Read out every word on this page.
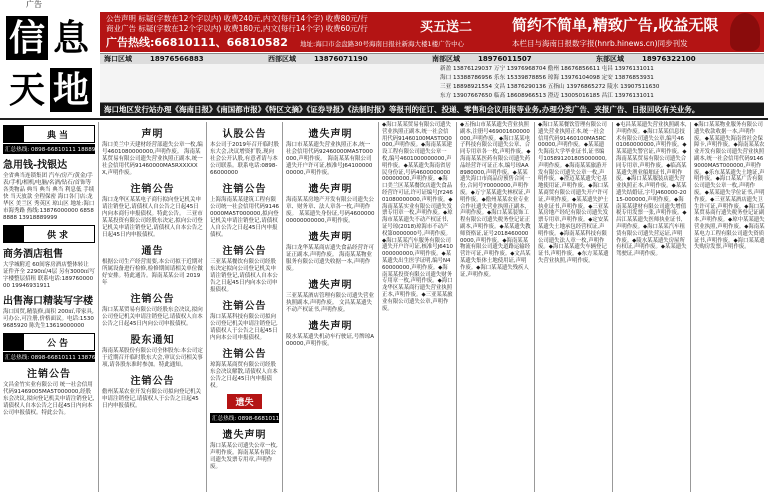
广告
信 息
天 地
公告声明 标疑(字数在12个字以内) 收费240元,内文(每行14个字) 收费80元/行
商业广告 标疑(字数在12个字以内) 收费180元,内文(每行14个字) 收费60元/行
广告热线:66810111、66810582 地址:海口市金盘路30号海南日报社新海大楼1楼广告中心
买五送二	简约不简单,精致广告,收益无限
本栏目与海南日报数字报(hnrb.hinews.cn)同步刊发
海口区域	18976566883	西部区域	13876071190	南部区域	18976011507	东部区域	18976322100
新盈 13876129037 万宁 13976968704 儋州 18676856611 屯昌 13976131011
海口 13388786956 乐东 15339878856 琼海 13976104098 定安 13876853931
三亚 18898921554 文昌 13876290136 五指山 13976865272 陵水 13907511630
东方 13907667650 临高 18608966513 澄迈 13005016185 昌江 13976131011
海口地区发行站办理《海南日报》《南国都市报》《特区文摘》《证券导报》《法制时报》等报刊的征订、投递、零售和会议用报等业务,办理分类广告、夹报广告、日报回收有关业务。
典当
汇总热线: 0898-66810111 18889912934
急用钱-找银达
全省典当连锁集团 汽车/房产/黄金/手表/手机/相机/电脑/名酒/钻石/首饰等各类物品 典当 典当 典当 利息低 手续快 当天放款 全程保密 海口各门店:龙华区 美兰区 秀英区 琼山区 地址:海口市海秀路 热线:13876000000 68588888 13918889999
供求
商务酒店租售
大学城附近 60间客房酒店整体转让 证件齐全 2290㎡/4层 另有3000㎡写字楼整层招租 联系电话:18976000000 19946931911
出售海口精装写字楼
海口国贸,精装修,面积 200㎡,带家具,可办公,可注册,价格面议。电话:15309685920 陈先生13619000000
公告
汇总热线: 0898-66810111 13876309861
注销公告
文昌金竹实业有限公司 统一社会信用代码91469005MA5T000000,经股东会决议,拟向登记机关申请注销登记,请债权人自本公告之日起45日内向本公司申报债权。特此公告。
声明
海口美兰中天建材经营部遗失公章一枚,编号4601080000000,声明作废。 海南某某贸易有限公司遗失营业执照正副本,统一社会信用代码91460000MA5RXXXXXX,声明作废。
注销公告
海口龙华区某某电子商行拟向登记机关申请注销登记,请债权人自公告之日起45日内向本商行申报债权。特此公告。 三亚市某某投资有限公司经股东决定,拟向公司登记机关申请注销登记,请债权人自本公告之日起45日内申报债权。
通告
根据公司生产经营需要,本公司拟于近期对所属设备进行检修,检修期间请相关单位做好安排。特此通告。海南某某公司 2019年
注销公告
海口某某贸易有限公司经股东会决议,拟向公司登记机关申请注销登记,请债权人自本公告之日起45日内向公司申报债权。
股东通知
海南某某股份有限公司全体股东:本公司定于近期召开临时股东大会,审议公司相关事项,请各股东准时参加。特此通知。
注销公告
儋州某某农业开发有限公司拟向登记机关申请注销登记,请债权人于公告之日起45日内申报债权。
认股公告
本公司于2019年召开临时股东大会,决议增资扩股,现向社会公开认股,有意者请与本公司联系。联系电话:0898-66000000
注销公告
上海海南某某建筑工程有限公司统一社会信用代码91460000MA5T000000,拟向登记机关申请注销登记,请债权人自公告之日起45日内申报债权。
注销公告
三亚某某餐饮有限公司经股东决定拟向公司登记机关申请注销登记,请债权人自本公告之日起45日内向本公司申报债权。
注销公告
海口某某科技有限公司拟向公司登记机关申请注销登记,请债权人于公告之日起45日内向本公司申报债权。
注销公告
琼海某某商贸有限公司经股东会决议解散,请债权人自本公告之日起45日内申报债权。
遗失
汇总热线: 0898-66810111 13976309099
遗失声明
海口某某公司遗失公章一枚,声明作废。海南某某有限公司遗失发票专用章,声明作废。
遗失声明
海口市某某遗失营业执照正本,统一社会信用代码92460000MA5T000000,声明作废。 海南某某有限公司遗失开户许可证,核准号J6410000000000,声明作废。
遗失声明
海南某某房地产开发有限公司遗失公章、财务章、法人章各一枚,声明作废。 某某遗失身份证,号码460000000000000000,声明作废。
遗失声明
海口龙华某某商店遗失食品经营许可证正副本,声明作废。 海南某某物业服务有限公司遗失收据一本,声明作废。
遗失声明
三亚某某酒店管理有限公司遗失营业执照副本,声明作废。 文昌某某遗失不动产权证书,声明作废。
遗失声明
陵水某某遗失机动车行驶证,号牌琼A00000,声明作废。
◆海口某某贸易有限公司遗失营业执照正副本,统一社会信用代码91460100MA5T0Q0000,声明作废。◆海南某某建设工程有限公司遗失公章一枚,编号4601000000000,声明作废。◆某某遗失海南省居民身份证,号码460000000000000000,声明作废。◆海口美兰区某某餐饮店遗失食品经营许可证,许可证编号JY24601080000000,声明作废。◆海南某某实业有限公司遗失发票专用章一枚,声明作废。◆琼海市某某遗失不动产权证书,证号琼(2018)琼海市不动产权第0000000号,声明作废。◆海口某某汽车服务有限公司遗失开户许可证,核准号J6410000000000,声明作废。◆某某遗失出生医学证明,编号N460000000,声明作废。◆海南某某投资有限公司遗失财务专用章一枚,声明作废。◆海口龙华区某某商行遗失营业执照正本,声明作废。◆三亚某某旅业有限公司遗失公章,声明作废。
◆五指山市某某遗失营业执照副本,注册号469001600000000,声明作废。◆海口某某电子科技有限公司遗失公章、合同专用章各一枚,声明作废。◆海南某某医药有限公司遗失药品经营许可证正本,编号琼AA8980000,声明作废。◆某某遗失海口市商品房预售合同一份,合同号Y0000000,声明作废。◆万宁某某遗失林权证,声明作废。◆儋州某某农业专业合作社遗失营业执照正副本,声明作废。◆海口某某装饰工程有限公司遗失税务登记证正副本,声明作废。◆某某遗失教师资格证,证号20184600000000,声明作废。◆海南某某物流有限公司遗失道路运输经营许可证,声明作废。◆文昌某某遗失集体土地使用证,声明作废。◆海口某某遗失残疾人证,声明作废。
◆海口某某餐饮管理有限公司遗失营业执照正本,统一社会信用代码91460100MA5RC00000,声明作废。◆某某遗失海南大学毕业证书,证书编号105891201805000000,声明作废。◆海南某某旅游开发有限公司遗失公章一枚,声明作废。◆澄迈某某遗失宅基地使用证,声明作废。◆海口某某商贸有限公司遗失开户许可证,声明作废。◆某某遗失护士执业证书,声明作废。◆三亚某某房地产经纪有限公司遗失发票专用章,声明作废。◆定安某某遗失土地承包经营权证,声明作废。◆海南某某科技有限公司遗失法人章一枚,声明作废。◆海口某某遗失车辆登记证书,声明作废。◆东方某某遗失营业执照,声明作废。
◆屯昌某某遗失营业执照副本,声明作废。◆海口某某信息技术有限公司遗失公章,编号4601060000000,声明作废。◆某某遗失警官证,声明作废。◆海南某某贸易有限公司遗失合同专用章,声明作废。◆临高某某遗失渔业船舶证书,声明作废。◆海口某某服装店遗失营业执照正本,声明作废。◆某某遗失结婚证,字号J460000-2015-000000,声明作废。◆海南某某建材有限公司遗失增值税专用发票一张,声明作废。◆昌江某某遗失医师执业证书,声明作废。◆海口某某汽车租赁有限公司遗失营运证,声明作废。◆陵水某某遗失房屋所有权证,声明作废。◆某某遗失驾驶证,声明作废。
◆海口某某物业服务有限公司遗失收款收据一本,声明作废。◆某某遗失海南省社会保障卡,声明作废。◆海南某某农业开发有限公司遗失营业执照副本,统一社会信用代码91469000MA5T000000,声明作废。◆乐东某某遗失土地证,声明作废。◆海口某某广告有限公司遗失公章一枚,声明作废。◆某某遗失学位证书,声明作废。◆三亚某某酒店遗失卫生许可证,声明作废。◆海口某某贸易商行遗失税务登记证副本,声明作废。◆琼中某某遗失营业执照,声明作废。◆海南某某电力工程有限公司遗失资质证书,声明作废。◆海口某某遗失购房发票,声明作废。
